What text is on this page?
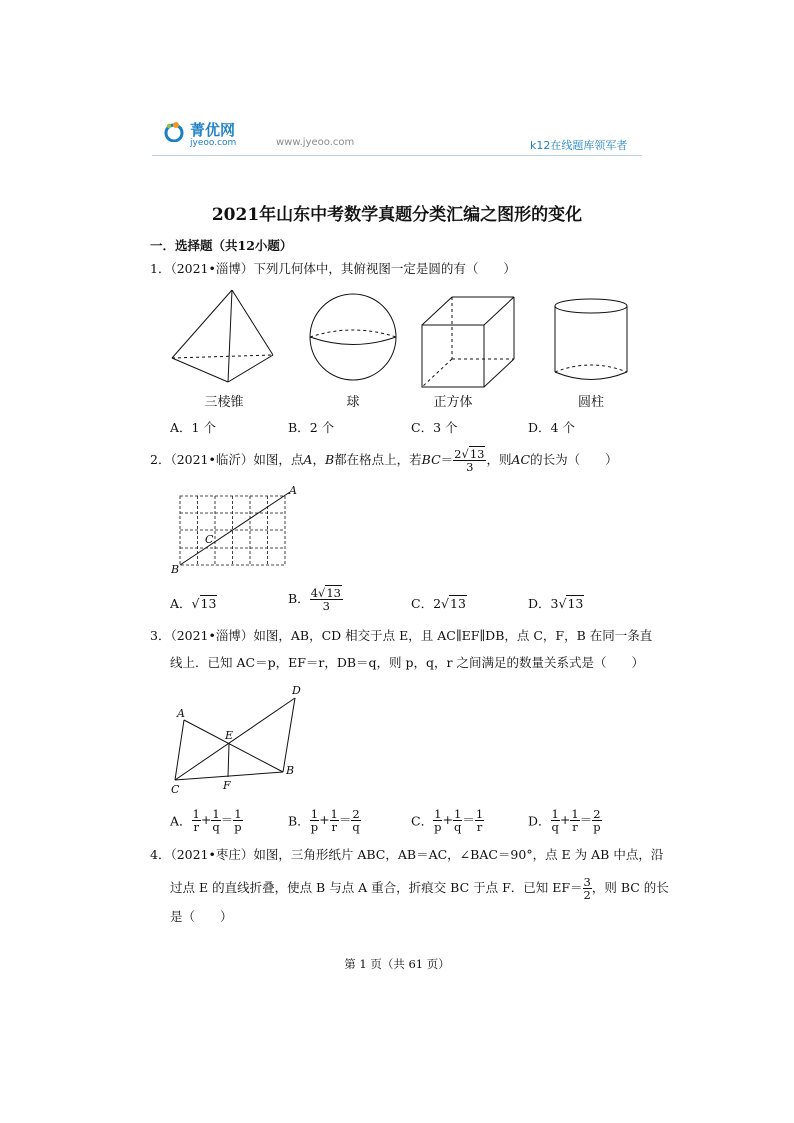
菁优网
jyeoo.com	www.jyeoo.com	k12在线题库领军者
2021年山东中考数学真题分类汇编之图形的变化
一．选择题（共12小题）
1．（2021•淄博）下列几何体中，其俯视图一定是圆的有（　　）
三棱锥	球	正方体	圆柱
A．1 个	B．2 个	C．3 个	D．4 个
2．（2021•临沂）如图，点A，B都在格点上，若$BC= \frac{2√13}{3}$ ，则AC的长为（　　）
A
B
C
A．√13	B． $\frac{4√13}{3}$	C．2√13	D．3√13
3．（2021•淄博）如图，AB，CD 相交于点 E，且 AC∥EF∥DB，点 C，F，B 在同一条直
线上．已知 AC＝p，EF＝r，DB＝q，则 p，q，r 之间满足的数量关系式是（　　）
A
B
C
D
E
F
A． $\frac{1}{r} + \frac{1}{q} = \frac{1}{p}$	B． $\frac{1}{p} + \frac{1}{r} = \frac{2}{q}$	C． $\frac{1}{p} + \frac{1}{q} = \frac{1}{r}$	D． $\frac{1}{q} + \frac{1}{r} = \frac{2}{p}$
4．（2021•枣庄）如图，三角形纸片 ABC，AB＝AC，∠BAC＝90°，点 E 为 AB 中点，沿
过点 E 的直线折叠，使点 B 与点 A 重合，折痕交 BC 于点 F．已知 $EF= \frac{3}{2}$ ，则 BC 的长
是（　　）
第 1 页（共 61 页）
